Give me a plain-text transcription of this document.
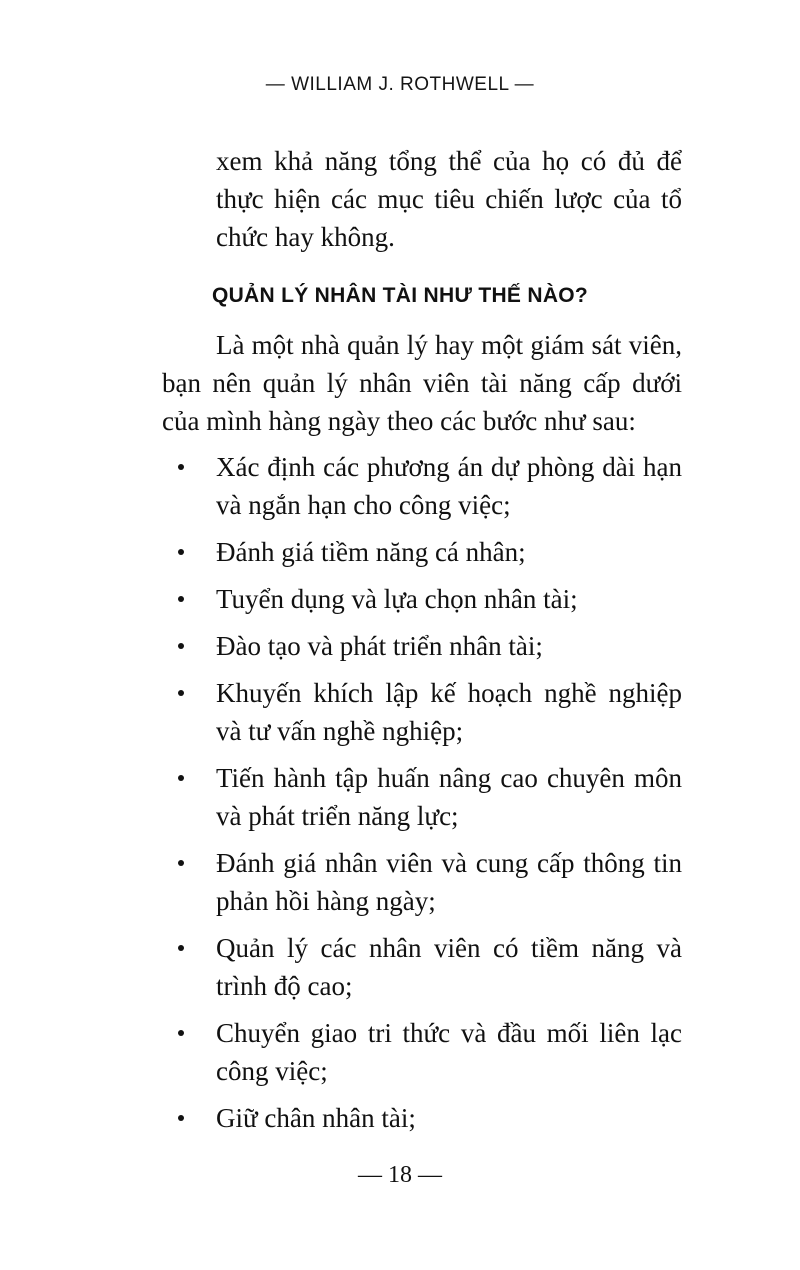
— WILLIAM J. ROTHWELL —

xem khả năng tổng thể của họ có đủ để thực hiện các mục tiêu chiến lược của tổ chức hay không.

QUẢN LÝ NHÂN TÀI NHƯ THẾ NÀO?

Là một nhà quản lý hay một giám sát viên, bạn nên quản lý nhân viên tài năng cấp dưới của mình hàng ngày theo các bước như sau:

Xác định các phương án dự phòng dài hạn và ngắn hạn cho công việc;
Đánh giá tiềm năng cá nhân;
Tuyển dụng và lựa chọn nhân tài;
Đào tạo và phát triển nhân tài;
Khuyến khích lập kế hoạch nghề nghiệp và tư vấn nghề nghiệp;
Tiến hành tập huấn nâng cao chuyên môn và phát triển năng lực;
Đánh giá nhân viên và cung cấp thông tin phản hồi hàng ngày;
Quản lý các nhân viên có tiềm năng và trình độ cao;
Chuyển giao tri thức và đầu mối liên lạc công việc;
Giữ chân nhân tài;
— 18 —
